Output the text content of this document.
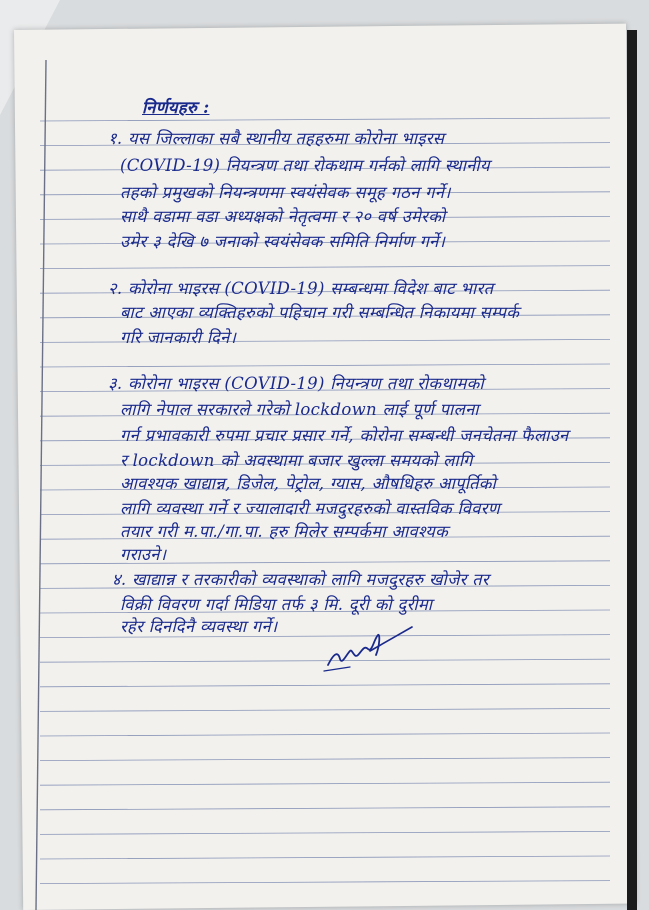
निर्णयहरु :
१. यस जिल्लाका सबै स्थानीय तहहरुमा कोरोना भाइरस
(COVID-19) नियन्त्रण तथा रोकथाम गर्नको लागि स्थानीय
तहको प्रमुखको नियन्त्रणमा स्वयंसेवक समूह गठन गर्ने।
साथै वडामा वडा अध्यक्षको नेतृत्वमा र २० वर्ष उमेरको
उमेर ३ देखि ७ जनाको स्वयंसेवक समिति निर्माण गर्ने।
२. कोरोना भाइरस (COVID-19) सम्बन्धमा विदेश बाट भारत
बाट आएका व्यक्तिहरुको पहिचान गरी सम्बन्धित निकायमा सम्पर्क
गरि जानकारी दिने।
३. कोरोना भाइरस (COVID-19) नियन्त्रण तथा रोकथामको
लागि नेपाल सरकारले गरेको lockdown लाई पूर्ण पालना
गर्न प्रभावकारी रुपमा प्रचार प्रसार गर्ने, कोरोना सम्बन्धी जनचेतना फैलाउन
र lockdown को अवस्थामा बजार खुल्ला समयको लागि
आवश्यक खाद्यान्न, डिजेल, पेट्रोल, ग्यास, औषधिहरु आपूर्तिको
लागि व्यवस्था गर्ने र ज्यालादारी मजदुरहरुको वास्तविक विवरण
तयार गरी म.पा./गा.पा. हरु मिलेर सम्पर्कमा आवश्यक
गराउने।
४. खाद्यान्न र तरकारीको व्यवस्थाको लागि मजदुरहरु खोजेर तर
विक्री विवरण गर्दा मिडिया तर्फ ३ मि. दूरी को दुरीमा
रहेर दिनदिनै व्यवस्था गर्ने।
